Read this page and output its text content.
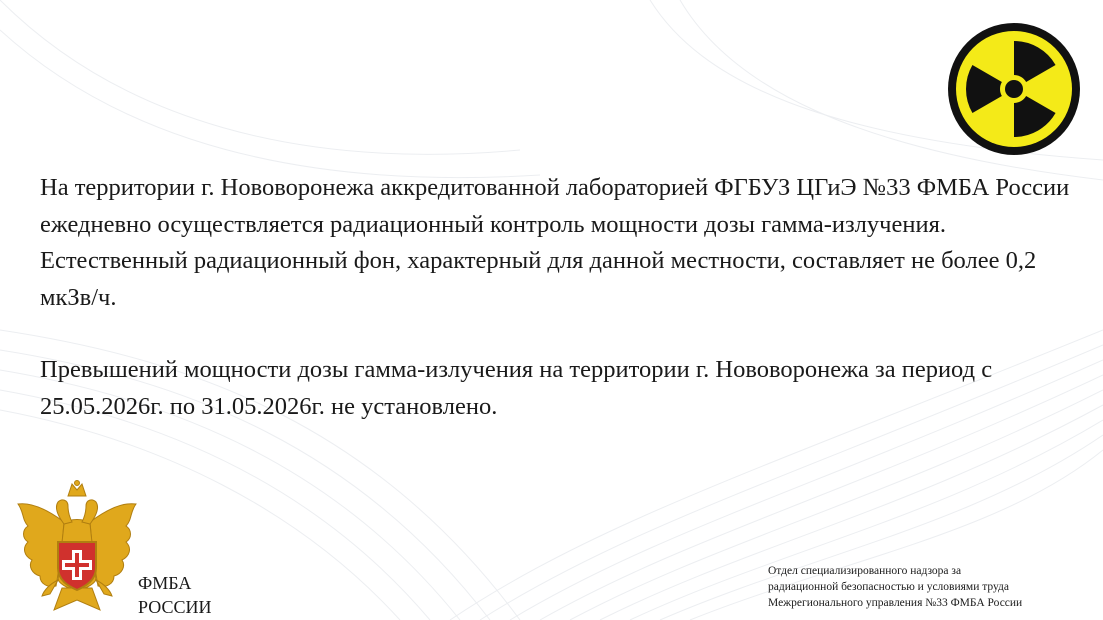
На территории г. Нововоронежа аккредитованной лабораторией ФГБУЗ ЦГиЭ №33 ФМБА России ежедневно осуществляется радиационный контроль мощности дозы гамма-излучения.

Естественный радиационный фон, характерный для данной местности, составляет не более 0,2 мкЗв/ч.

Превышений мощности дозы гамма-излучения на территории г. Нововоронежа за период с 25.05.2026г. по 31.05.2026г. не установлено.

ФМБА
РОССИИ
Отдел специализированного надзора за
радиационной безопасностью и условиями труда
Межрегионального управления №33 ФМБА России
